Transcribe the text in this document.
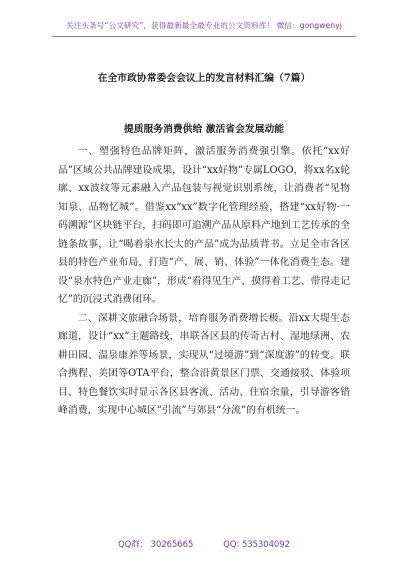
关注头条号“公文研究”，获得最新最全最专业的公文资料库！ 微信：gongwenyj
在全市政协常委会会议上的发言材料汇编（7篇）
提质服务消费供给 激活省会发展动能

一、塑强特色品牌矩阵，激活服务消费强引擎。依托“xx好品”区域公共品牌建设成果，设计“xx好物”专属LOGO，将xx名x轮廓、xx波纹等元素融入产品包装与视觉识别系统，让消费者“见物知泉、品物忆城”。借鉴xx“xx”数字化管理经验，搭建“xx好物·一码溯源”区块链平台，扫码即可追溯产品从原料产地到工艺传承的全链条故事，让“喝着泉水长大的产品”成为品质背书。立足全市各区县的特色产业布局，打造“产、展、销、体验”一体化消费生态。建设“泉水特色产业走廊”，形成“看得见生产、摸得着工艺、带得走记忆”的沉浸式消费闭环。

二、深耕文旅融合场景，培育服务消费增长极。沿xx大堤生态廊道，设计“xx”主题路线，串联各区县的传奇古村、湿地绿洲、农耕田园、温泉康养等场景，实现从“过境游”到“深度游”的转变。联合携程、美团等OTA平台，整合沿黄景区门票、交通接驳、体验项目、特色餐饮实时显示各区县客流、活动、住宿余量，引导游客错峰消费，实现中心城区“引流”与郊县“分流”的有机统一。

QQ群： 30265665	QQ: 535304092
